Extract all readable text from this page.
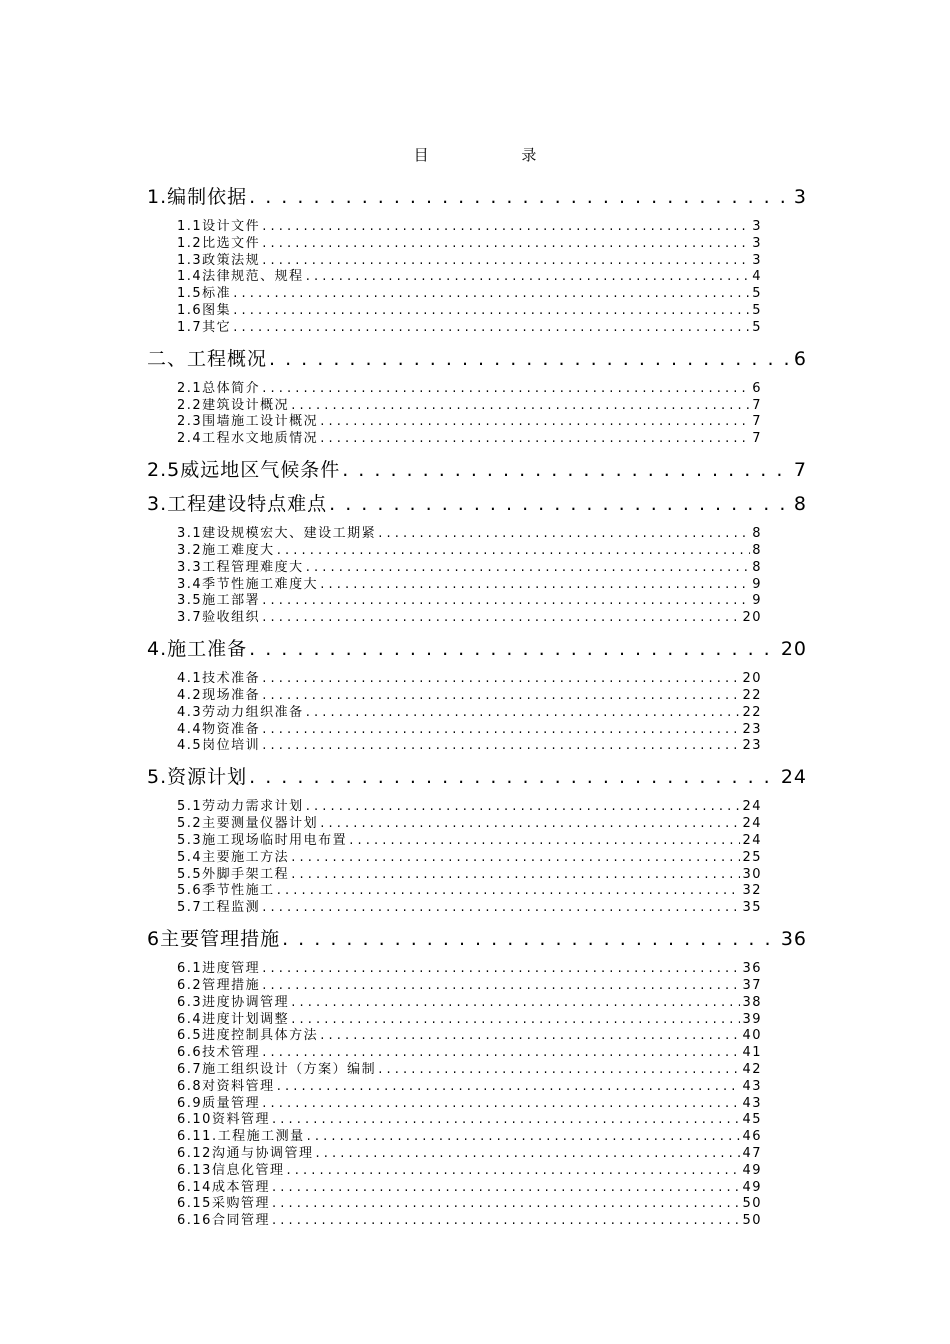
目 录
1.编制依据 . . .	3
1.1设计文件 . . .	3
1.2比选文件 . . .	3
1.3政策法规 . . .	3
1.4法律规范、规程 . . .	4
1.5标准 . . .	5
1.6图集 . . .	5
1.7其它 . . .	5
二、工程概况 . . .	6
2.1总体简介 . . .	6
2.2建筑设计概况 . . .	7
2.3围墙施工设计概况 . . .	7
2.4工程水文地质情况 . . .	7
2.5威远地区气候条件 . . .	7
3.工程建设特点难点 . . .	8
3.1建设规模宏大、建设工期紧 . . .	8
3.2施工难度大 . . .	8
3.3工程管理难度大 . . .	8
3.4季节性施工难度大 . . .	9
3.5施工部署 . . .	9
3.7验收组织 . . .	20
4.施工准备 . . .	20
4.1技术准备 . . .	20
4.2现场准备 . . .	22
4.3劳动力组织准备 . . .	22
4.4物资准备 . . .	23
4.5岗位培训 . . .	23
5.资源计划 . . .	24
5.1劳动力需求计划 . . .	24
5.2主要测量仪器计划 . . .	24
5.3施工现场临时用电布置 . . .	24
5.4主要施工方法 . . .	25
5.5外脚手架工程 . . .	30
5.6季节性施工 . . .	32
5.7工程监测 . . .	35
6主要管理措施 . . .	36
6.1进度管理 . . .	36
6.2管理措施 . . .	37
6.3进度协调管理 . . .	38
6.4进度计划调整 . . .	39
6.5进度控制具体方法 . . .	40
6.6技术管理 . . .	41
6.7施工组织设计（方案）编制 . . .	42
6.8对资料管理 . . .	43
6.9质量管理 . . .	43
6.10资料管理 . . .	45
6.11.工程施工测量 . . .	46
6.12沟通与协调管理 . . .	47
6.13信息化管理 . . .	49
6.14成本管理 . . .	49
6.15采购管理 . . .	50
6.16合同管理 . . .	50
